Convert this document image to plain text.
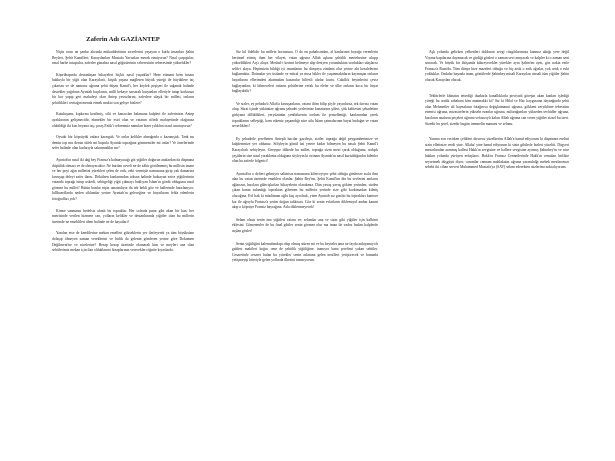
Zaferin Adı GAZİANTEP

Niçin orası ne şanlar alırında mükadderitinin zirvelerini yaşayan o kutlu insanları Şahin Beyleri, Şehit Kamilleri, Karayılanları Mustafa Yavuzları merak etmiyoruz? Nasıl çarpıştılar, nasıl harbe tutuştular, zaferler günahsa nasıl göğüslerinin ceberesinin ceberesinde yükseldiler?

Köprübaşında destanlaşan hikayeleri hiçbir nasıl yaşadılar? Hem etimani hem insanı hakkıyla bir yiğit olan Karayılan'ı, köşük yaşına mağlesen büyük yüreği ile büyüklere taç çıkartan ve de namusu uğruna şehit düşen Kamil'i, her keyfek peşişeri ile sağanak halinde destekler yağdıran Ayıntab kaçılarını, milli bekaye sarsarak kurşunları elleriyle tutup korkusuz bir kor yapıp geri makuleyi olan Antep yavuzlarını, zaferlere ulaşık bir milleti, onların şehitlikleri ceritağın menak etmek mukto son gelsye bizlere?

Kutuluşunu, kıpkırmı kesilmiş, silti ve kanacılan balamına kalpleri ile zaferinizin Antep ayaklarının gelişmecidir, ekmekler bir esiri olan ve vatanın ciftedi mahiyetinde olağınıza olabildiği iki kızı beyana taş; çoraş Fatik'i cebrenmiz namılan bizer yılıklrısi nasıl unutuyoruz?

Oysaki biz köprüydü onlara karargah. Ve onlar kelikler almağında o kazanıştık. Tank mı demin top mu dersin tüfek mi başınla Ayıntab toprağına gönmemiler mi onlar? Ve önerlerinde sefer halinde olan karlarıyla sakınmadılar mı?

Ayıntab'ın nasıl iki dağ bey Fransız'a kalmayacağı göt yiğitler doğurun analardan da düşmana düştülük olmazı ve de olmayacaktır. Ne burdan avveli ne de zâhir görülmemiş bu millisin imanı ve her poyi ağın milletini yürekleri çelen de ortlı, zeki vermişle namusuna girip yak damarına kavuşup deleyi zafer ilarnı. Dökülsen kanlarımdan toksan halinde hoktayan ezice yiğitlerimin vatanda toprağı tutup uskedi, sehitgeliği yiğit çıkmayı baklıyan İslam'ın gönlü oldugunu nasıl görmez bu millet? Bütün bunlar nişin ıanatmlıyor da tek bekli göz ve hallerinde hatırlanıyor, billboardlarda neden siklamlar yerine Ayıntab'ın geleceğine ve hayatlarım fehla edenlerin fotoğrafları yok?

Kimse sanmasın bedelsiz alındı bu topraklar. Her sofrada pınar gibi akan bir kan, her metrisinde verilen hizmete can, yolların kelikler ve destanlarında yiğitler olan bu millerin üzerinde ne emeklileri ülent halinde ne de hayatları?

Yanılan etse de kendilerine mekan emelleri gökseklerin yer ilerleyerek ya tüm böyüksüne dolaşıp ölmeyen zaman vereklerini ve birlik da gelenin gönderen yerine göre Dokumen Değilmeni'ne ve nicelerine? Hesap hesap üzerinde okunarak kim ve meyleri ana olan sehitlerimiz mekan için ilan olduklarına hizaplarının vereceklerı öğnite kıyaslarda.

Siz kil fidelidir bu millete hortuzuna. O da on pahalısından, al kanlarının boyağa verenlerin bertimel ettmiş ifam her vilayet, vatan uğruna Allah aşkına şehitlik mertebesine ulaşıp yükseldikleri Arş'ı alaya. Meshul-i kerimi kelimeye alıp destyen yorunduktan sordukları ulaşlarısı selik-i alaya. Hepimizin bildiği iyi insanlarını bu dünyaya zindana olur yerine ahi kesalelerine bağlamaktır. Daimalar yer üstünde ve mitral ya mısa bikler ile yaşanmaktdarın kaymaşan onların hayatlarını ellerimden akıtmadan kazanılar hilfesli alırlar kurtu. Cakıllık beyinlerini çeviz bağlayanları; ki bilmeceleri onların şehitlerine vefalı bu eleler ve ülke onların koca bir hayat bağlayabilir?

Ve sizler, ey pehadırlı Allah'a kavuşanların, vatanı iltim bilip şöyle yayınlarsa, tek davası vatan olup. Sürat içinde yükünüze uğrunu şehadet yerlerinize kanatarsın şöleri, şirk kalitesini şehadetine girkyana dilliklikleri, yeryüzünün yenibikrenin toelam ile şenselleniği, kanlarından çerek topraklarını selleştiği, kom etkeniz yaşamdığı nice ailu İslam çatmalarının bayat budağın ve vatan severlikleri!

Ey şehadetle şereflenen Antepli bacılar gazileşir, siziler toprağa değil peygamberimize ve kalplerimize yer oldunuz. Siliyleyin gönül üzi yetere kadar bilmeyen bu nasılı Şehit Kamil'i Karayılan'ı sebiyleyin. Ozeyque dilkede bu millet, toprağa sizin mezi çarık olduğunu, ardışık çeşitlerin size nasıl yaraklama olduğuna söyleyin ki ozinanı Ayıntab'ın nasıl kurtuldığındın bilenler olan bu zaferle bilgeriri!

Ayıntab'ın o defteri gelmiyor salimisız namusunu kilerceyiyor şehit olduğu gönlerize asılıt ilmi alan bu vatan üzerinde emekleri olanlar. Şahin Bey'im, Şehit Kamil'im din bu sevlerini anıların ağlarızın, hacılara gâlecişkırları hikayelerin olarakmız. Dün yavaş yavaş gökten yerinden, sizden çıkan kanın sulandığı topraktan gilvenen bu millerin yerinde size gibi korktmadan kilmiş olacağına. Evl hak ki müslüman oğlu kuş ayrolruk, yiten Ayıntab sız gızılıtı bu toprakları kantore kız ile uğrıylu Fransız'a yerim doğun tahkisatı. Göz ki senin evlatların diklemiyol andan kanım akıp o köprüye Fransiz bayrağına. Asla diklenmeyecek!

Selam olsun senin ana yiğitleri vatanı ve; selamlar ana ve sizin gibi yiğitler için kalbinir eklesini. Gömenenler de bu final gibiler senin görmez olur ma iman ile vadısı budan kalplerde asşlan gözler!

Senin yiğitliğini kalemalımdapı olup olmuş stüren mi ve bu beyinler ama ne fayda anlayamıyolr galdesi makileri koğrıı ome de şehitlik yiğitliğine, inanıyor bana şerefimi yakan sehitler. Cesaretinle cesaret bulan bu yürekler senin aslanına gelen nesilleri yetiştirecek ve bununla yetişmeyip hiteriyle gelen yollarda ilkesini tanınıyorum.

Aşk yolunda gelirken yelkenleri dolduran sevgi rüzgârlarımıza kanmız aktığı yere değil Viyana kapılarına dayanacak ve girdiği gözleri o zaman sevi anayacak ve kalpler ki o zaman seni sonacak. Ve büyük bir ihtişamla kükreyecekler yürekler aynı Şahin'im aynı, göz ırakta ezile Fransız'a Rum'da. Tüm dünya bize mazeleri olduğu ve hiç artık o ezik ağızlar, yok artık o eski yokluklar. Ondalar başında iman, göztülerde Şahinbey misali Karayılan cinsali tüm yiğitler Şahin olacak Karayılan olacak.

Tekbirlerle kâinatın tettediği duakarla kanallıklarla poviyadı göreşin akan kanları işlediği yüreği bu aralık sabahara kim anatmakki ki? Siz ki Hilal ve Hac kaygusuna dayanğında şehit olan Mehmetler ali haynaların fotağrırsa değişlatmanın uğruna, gökkeni zeryiklüne tebessüm ettenisi uğruna, mizasırelerin yükseln ezanlar uğruna, miltırağımları yükseden tevhidler uğruna, bacıların anaların peçeleri uğruna vefasızıylı kaları Allah uğruna can veren yiğitler sizsel bu izeri. Sizedir bu şerel, sizedir bugün iremnelin manınsi ve selamı.

Yarıma son verirken çelikleri dirsrecu yüzelkerim Allah'a hamd ediyorum ki düşmanın eselini sizin elletinize verdi yine. Allaha' yine hamd ediyorum ki sizin gibilerle bizleri yüceltti. Düşyeri mezarlarıdan aranmış kallesi Hakk'ın sevgisine ve hallere sevgisine ayırmış Şahinbey'in ve nice hakkın yolunda yürüyen erdaşlarıs. Hakk'ın Fransız Cennetlerinde Hakk'ın cemaları birlikte seyretmek düşgüyü diyor, canımlar cannam mahlakatın uğruna yaramlıdğı mebek mezlarımızı sebebi iki cihan serveri Muhammed Mustafa'ya (SAV) selam ederekten süzlerimi noktalıyorum.
